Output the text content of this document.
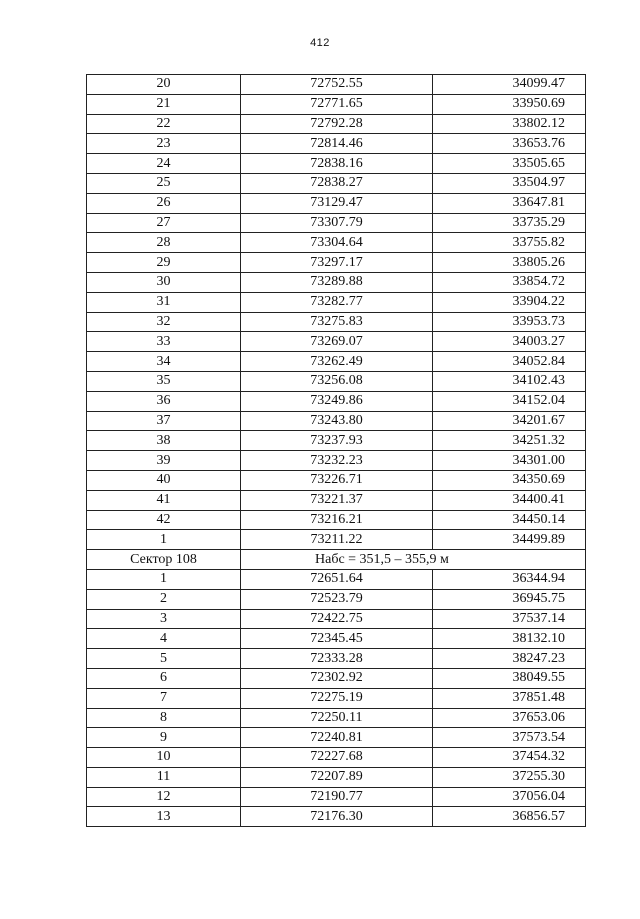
412
20	72752.55	34099.47
21	72771.65	33950.69
22	72792.28	33802.12
23	72814.46	33653.76
24	72838.16	33505.65
25	72838.27	33504.97
26	73129.47	33647.81
27	73307.79	33735.29
28	73304.64	33755.82
29	73297.17	33805.26
30	73289.88	33854.72
31	73282.77	33904.22
32	73275.83	33953.73
33	73269.07	34003.27
34	73262.49	34052.84
35	73256.08	34102.43
36	73249.86	34152.04
37	73243.80	34201.67
38	73237.93	34251.32
39	73232.23	34301.00
40	73226.71	34350.69
41	73221.37	34400.41
42	73216.21	34450.14
1	73211.22	34499.89
Сектор 108	Набс = 351,5 – 355,9 м	
1	72651.64	36344.94
2	72523.79	36945.75
3	72422.75	37537.14
4	72345.45	38132.10
5	72333.28	38247.23
6	72302.92	38049.55
7	72275.19	37851.48
8	72250.11	37653.06
9	72240.81	37573.54
10	72227.68	37454.32
11	72207.89	37255.30
12	72190.77	37056.04
13	72176.30	36856.57
